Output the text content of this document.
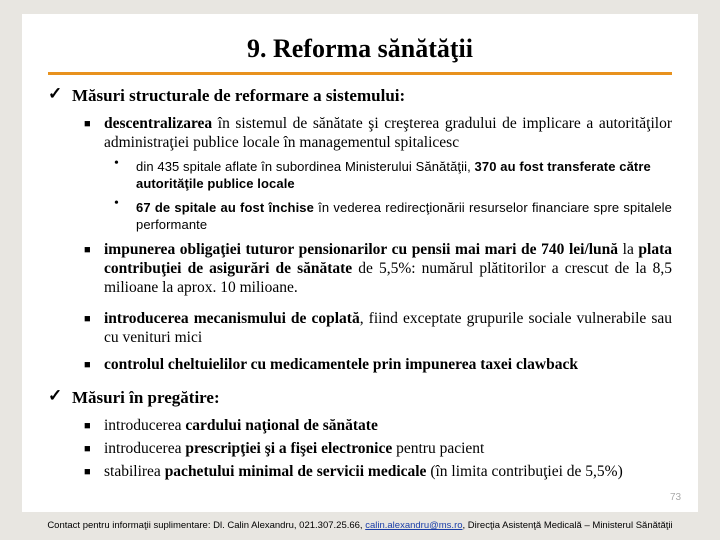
9. Reforma sănătăţii
✓ Măsuri structurale de reformare a sistemului:
■ descentralizarea în sistemul de sănătate şi creşterea gradului de implicare a autorităţilor administraţiei publice locale în managementul spitalicesc
• din 435 spitale aflate în subordinea Ministerului Sănătăţii, 370 au fost transferate către autorităţile publice locale
• 67 de spitale au fost închise în vederea redirecţionării resurselor financiare spre spitalele performante
■ impunerea obligaţiei tuturor pensionarilor cu pensii mai mari de 740 lei/lună la plata contribuţiei de asigurări de sănătate de 5,5%: numărul plătitorilor a crescut de la 8,5 milioane la aprox. 10 milioane.
■ introducerea mecanismului de coplată, fiind exceptate grupurile sociale vulnerabile sau cu venituri mici
■ controlul cheltuielilor cu medicamentele prin impunerea taxei clawback
✓ Măsuri în pregătire:
■ introducerea cardului naţional de sănătate
■ introducerea prescripţiei şi a fişei electronice pentru pacient
■ stabilirea pachetului minimal de servicii medicale (în limita contribuţiei de 5,5%)
73
Contact pentru informaţii suplimentare: Dl. Calin Alexandru, 021.307.25.66, calin.alexandru@ms.ro, Direcţia Asistenţă Medicală – Ministerul Sănătăţii
